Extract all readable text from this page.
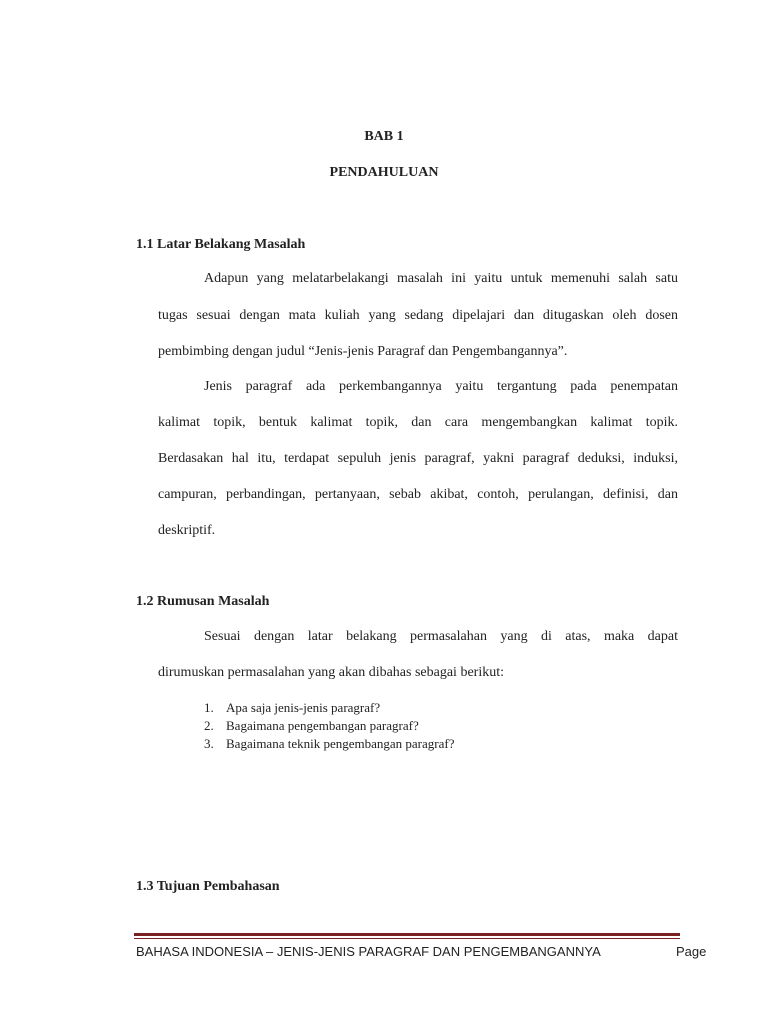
BAB 1
PENDAHULUAN
1.1 Latar Belakang Masalah
Adapun yang melatarbelakangi masalah ini yaitu untuk memenuhi salah satu
tugas sesuai dengan mata kuliah yang sedang dipelajari dan ditugaskan oleh dosen
pembimbing dengan judul “Jenis-jenis Paragraf dan Pengembangannya”.
Jenis paragraf ada perkembangannya yaitu tergantung pada penempatan
kalimat topik, bentuk kalimat topik, dan cara mengembangkan kalimat topik.
Berdasakan hal itu, terdapat sepuluh jenis paragraf, yakni paragraf deduksi, induksi,
campuran, perbandingan, pertanyaan, sebab akibat, contoh, perulangan, definisi, dan
deskriptif.
1.2 Rumusan Masalah
Sesuai dengan latar belakang permasalahan yang di atas, maka dapat
dirumuskan permasalahan yang akan dibahas sebagai berikut:
1. Apa saja jenis-jenis paragraf?
2. Bagaimana pengembangan paragraf?
3. Bagaimana teknik pengembangan paragraf?
1.3 Tujuan Pembahasan
BAHASA INDONESIA – JENIS-JENIS PARAGRAF DAN PENGEMBANGANNYA	Page
